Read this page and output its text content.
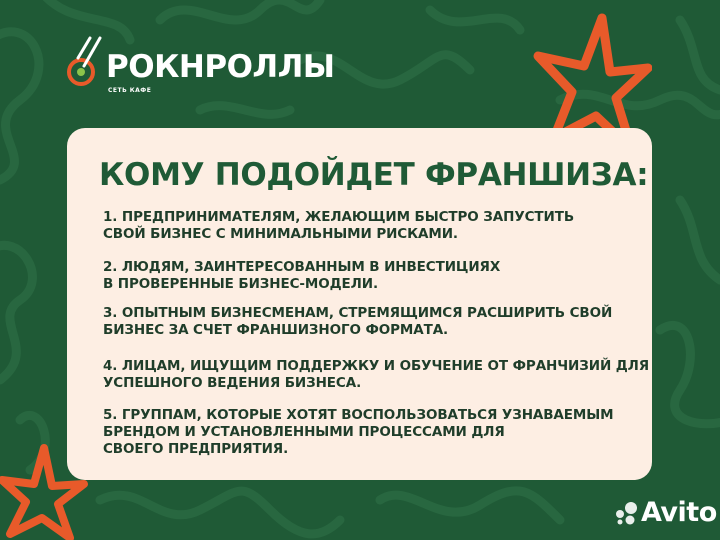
РОКНРОЛЛЫ
СЕТЬ КАФЕ
КОМУ ПОДОЙДЕТ ФРАНШИЗА:
1. ПРЕДПРИНИМАТЕЛЯМ, ЖЕЛАЮЩИМ БЫСТРО ЗАПУСТИТЬ
СВОЙ БИЗНЕС С МИНИМАЛЬНЫМИ РИСКАМИ.
2. ЛЮДЯМ, ЗАИНТЕРЕСОВАННЫМ В ИНВЕСТИЦИЯХ
В ПРОВЕРЕННЫЕ БИЗНЕС-МОДЕЛИ.
3. ОПЫТНЫМ БИЗНЕСМЕНАМ, СТРЕМЯЩИМСЯ РАСШИРИТЬ СВОЙ
БИЗНЕС ЗА СЧЕТ ФРАНШИЗНОГО ФОРМАТА.
4. ЛИЦАМ, ИЩУЩИМ ПОДДЕРЖКУ И ОБУЧЕНИЕ ОТ ФРАНЧИЗИЙ ДЛЯ
УСПЕШНОГО ВЕДЕНИЯ БИЗНЕСА.
5. ГРУППАМ, КОТОРЫЕ ХОТЯТ ВОСПОЛЬЗОВАТЬСЯ УЗНАВАЕМЫМ
БРЕНДОМ И УСТАНОВЛЕННЫМИ ПРОЦЕССАМИ ДЛЯ
СВОЕГО ПРЕДПРИЯТИЯ.
Avito
